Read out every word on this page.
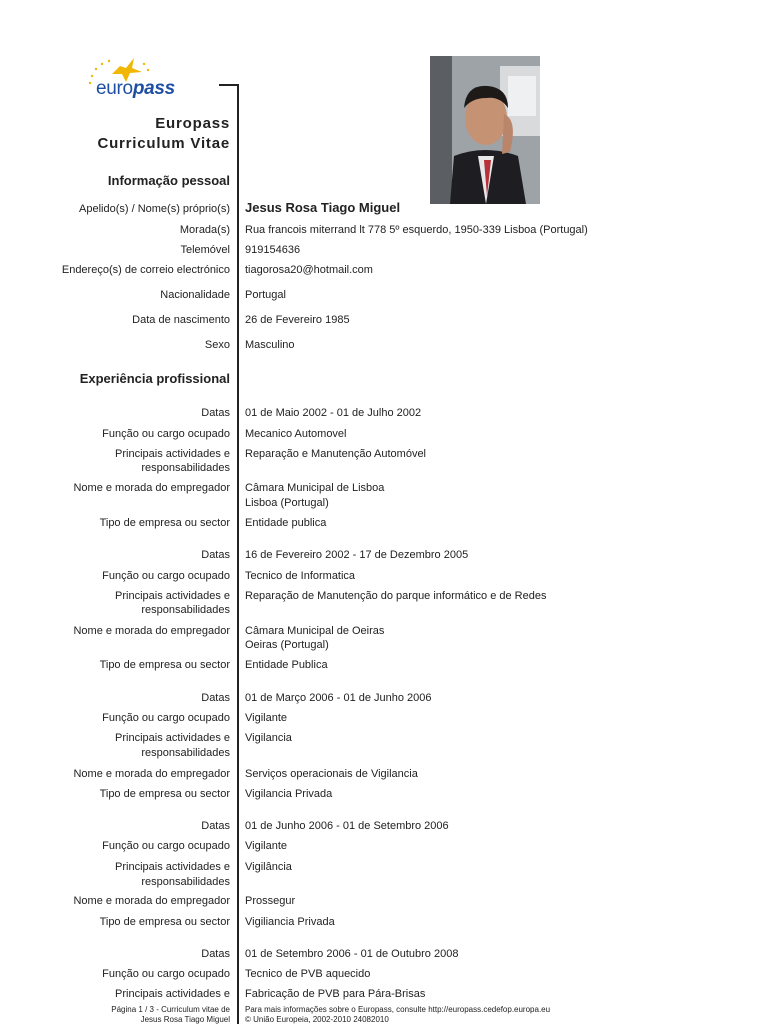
europass
Europass
Curriculum Vitae
Informação pessoal
Apelido(s) / Nome(s) próprio(s) Jesus Rosa Tiago Miguel
Morada(s) Rua francois miterrand lt 778 5º esquerdo, 1950-339 Lisboa (Portugal)
Telemóvel 919154636
Endereço(s) de correio electrónico tiagorosa20@hotmail.com
Nacionalidade Portugal
Data de nascimento 26 de Fevereiro 1985
Sexo Masculino
Experiência profissional
Datas 01 de Maio 2002 - 01 de Julho 2002
Função ou cargo ocupado Mecanico Automovel
Principais actividades e Reparação e Manutenção Automóvel
responsabilidades
Nome e morada do empregador Câmara Municipal de Lisboa
Lisboa (Portugal)
Tipo de empresa ou sector Entidade publica
Datas 16 de Fevereiro 2002 - 17 de Dezembro 2005
Função ou cargo ocupado Tecnico de Informatica
Principais actividades e Reparação de Manutenção do parque informático e de Redes
responsabilidades
Nome e morada do empregador Câmara Municipal de Oeiras
Oeiras (Portugal)
Tipo de empresa ou sector Entidade Publica
Datas 01 de Março 2006 - 01 de Junho 2006
Função ou cargo ocupado Vigilante
Principais actividades e Vigilancia
responsabilidades
Nome e morada do empregador Serviços operacionais de Vigilancia
Tipo de empresa ou sector Vigilancia Privada
Datas 01 de Junho 2006 - 01 de Setembro 2006
Função ou cargo ocupado Vigilante
Principais actividades e Vigilância
responsabilidades
Nome e morada do empregador Prossegur
Tipo de empresa ou sector Vigiliancia Privada
Datas 01 de Setembro 2006 - 01 de Outubro 2008
Função ou cargo ocupado Tecnico de PVB aquecido
Principais actividades e Fabricação de PVB para Pára-Brisas
Página 1 / 3 - Curriculum vitae de
Jesus Rosa Tiago Miguel
Para mais informações sobre o Europass, consulte http://europass.cedefop.europa.eu
© União Europeia, 2002-2010 24082010
